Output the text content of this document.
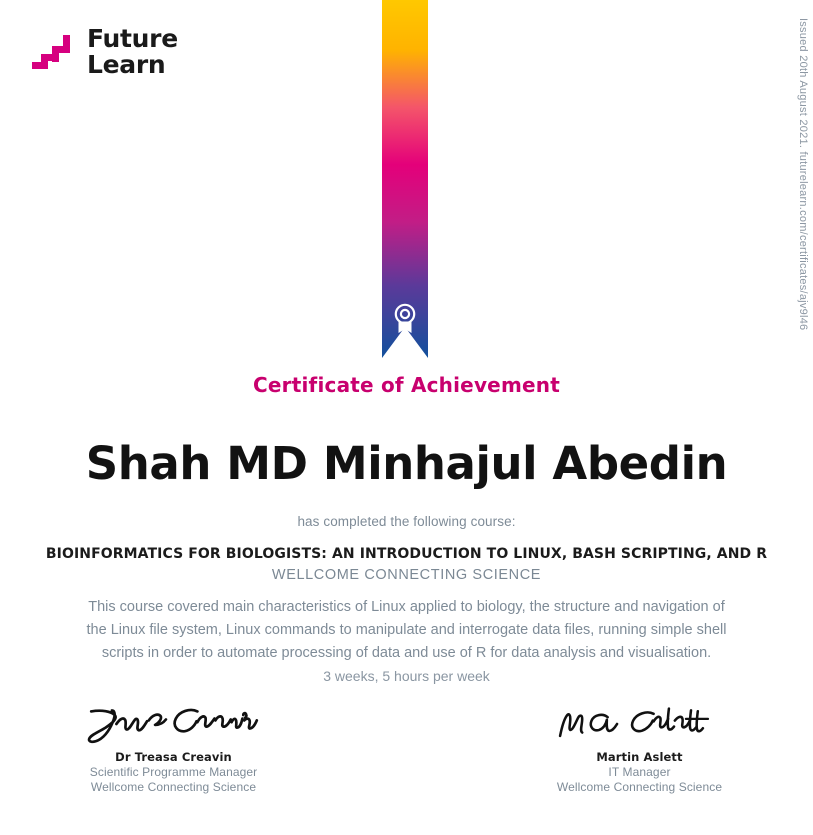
Future
Learn	Issued 20th August 2021. futurelearn.com/certificates/ajv9l46
Certificate of Achievement
Shah MD Minhajul Abedin
has completed the following course:
BIOINFORMATICS FOR BIOLOGISTS: AN INTRODUCTION TO LINUX, BASH SCRIPTING, AND R
WELLCOME CONNECTING SCIENCE
This course covered main characteristics of Linux applied to biology, the structure and navigation of the Linux file system, Linux commands to manipulate and interrogate data files, running simple shell scripts in order to automate processing of data and use of R for data analysis and visualisation.
3 weeks, 5 hours per week
Dr Treasa Creavin
Scientific Programme Manager
Wellcome Connecting Science
Martin Aslett
IT Manager
Wellcome Connecting Science
